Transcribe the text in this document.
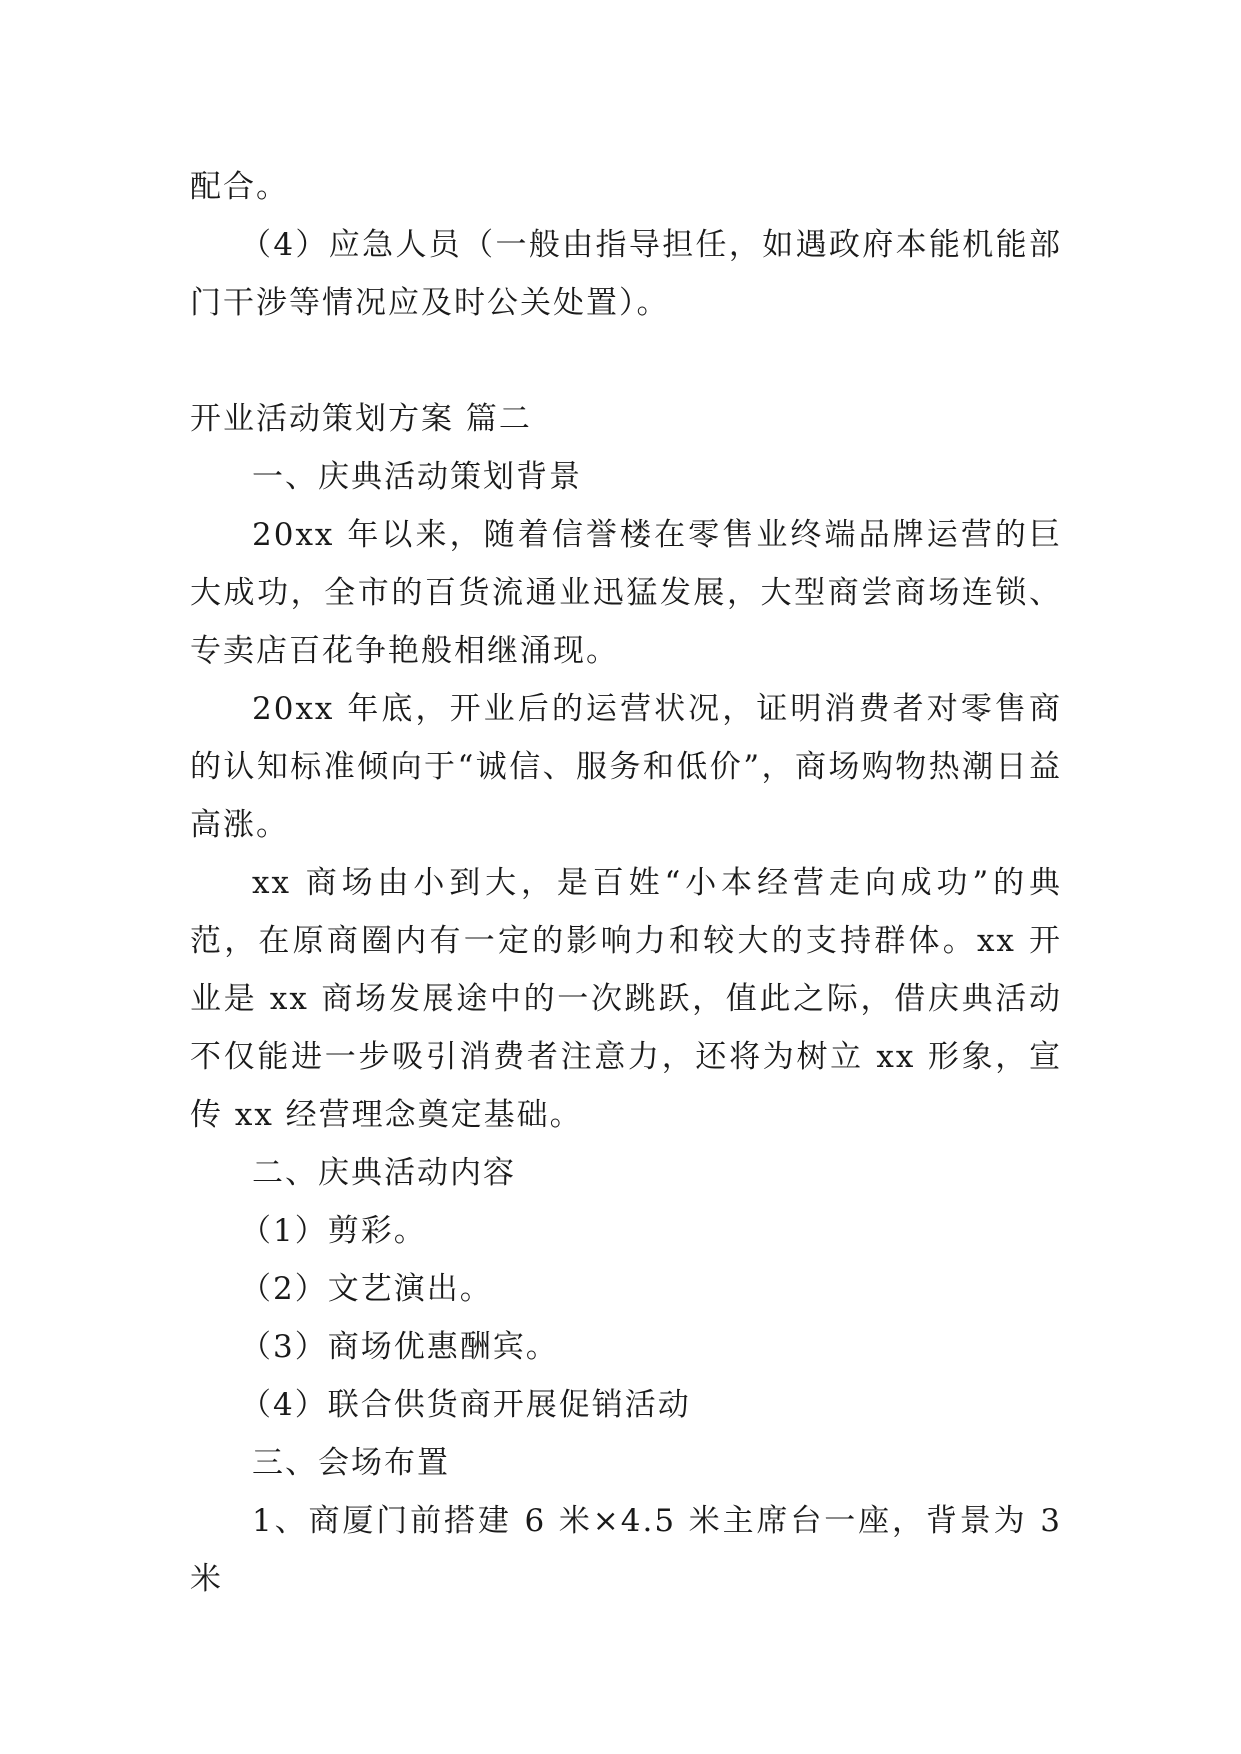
配合。

（4）应急人员（一般由指导担任，如遇政府本能机能部门干涉等情况应及时公关处置）。

开业活动策划方案 篇二

一、庆典活动策划背景

20xx 年以来，随着信誉楼在零售业终端品牌运营的巨大成功，全市的百货流通业迅猛发展，大型商尝商场连锁、专卖店百花争艳般相继涌现。

20xx 年底，开业后的运营状况，证明消费者对零售商的认知标准倾向于“诚信、服务和低价”，商场购物热潮日益高涨。

xx 商场由小到大，是百姓“小本经营走向成功”的典范，在原商圈内有一定的影响力和较大的支持群体。xx 开业是 xx 商场发展途中的一次跳跃，值此之际，借庆典活动不仅能进一步吸引消费者注意力，还将为树立 xx 形象，宣传 xx 经营理念奠定基础。

二、庆典活动内容

（1）剪彩。

（2）文艺演出。

（3）商场优惠酬宾。

（4）联合供货商开展促销活动

三、会场布置

1、商厦门前搭建 6 米×4.5 米主席台一座，背景为 3 米
